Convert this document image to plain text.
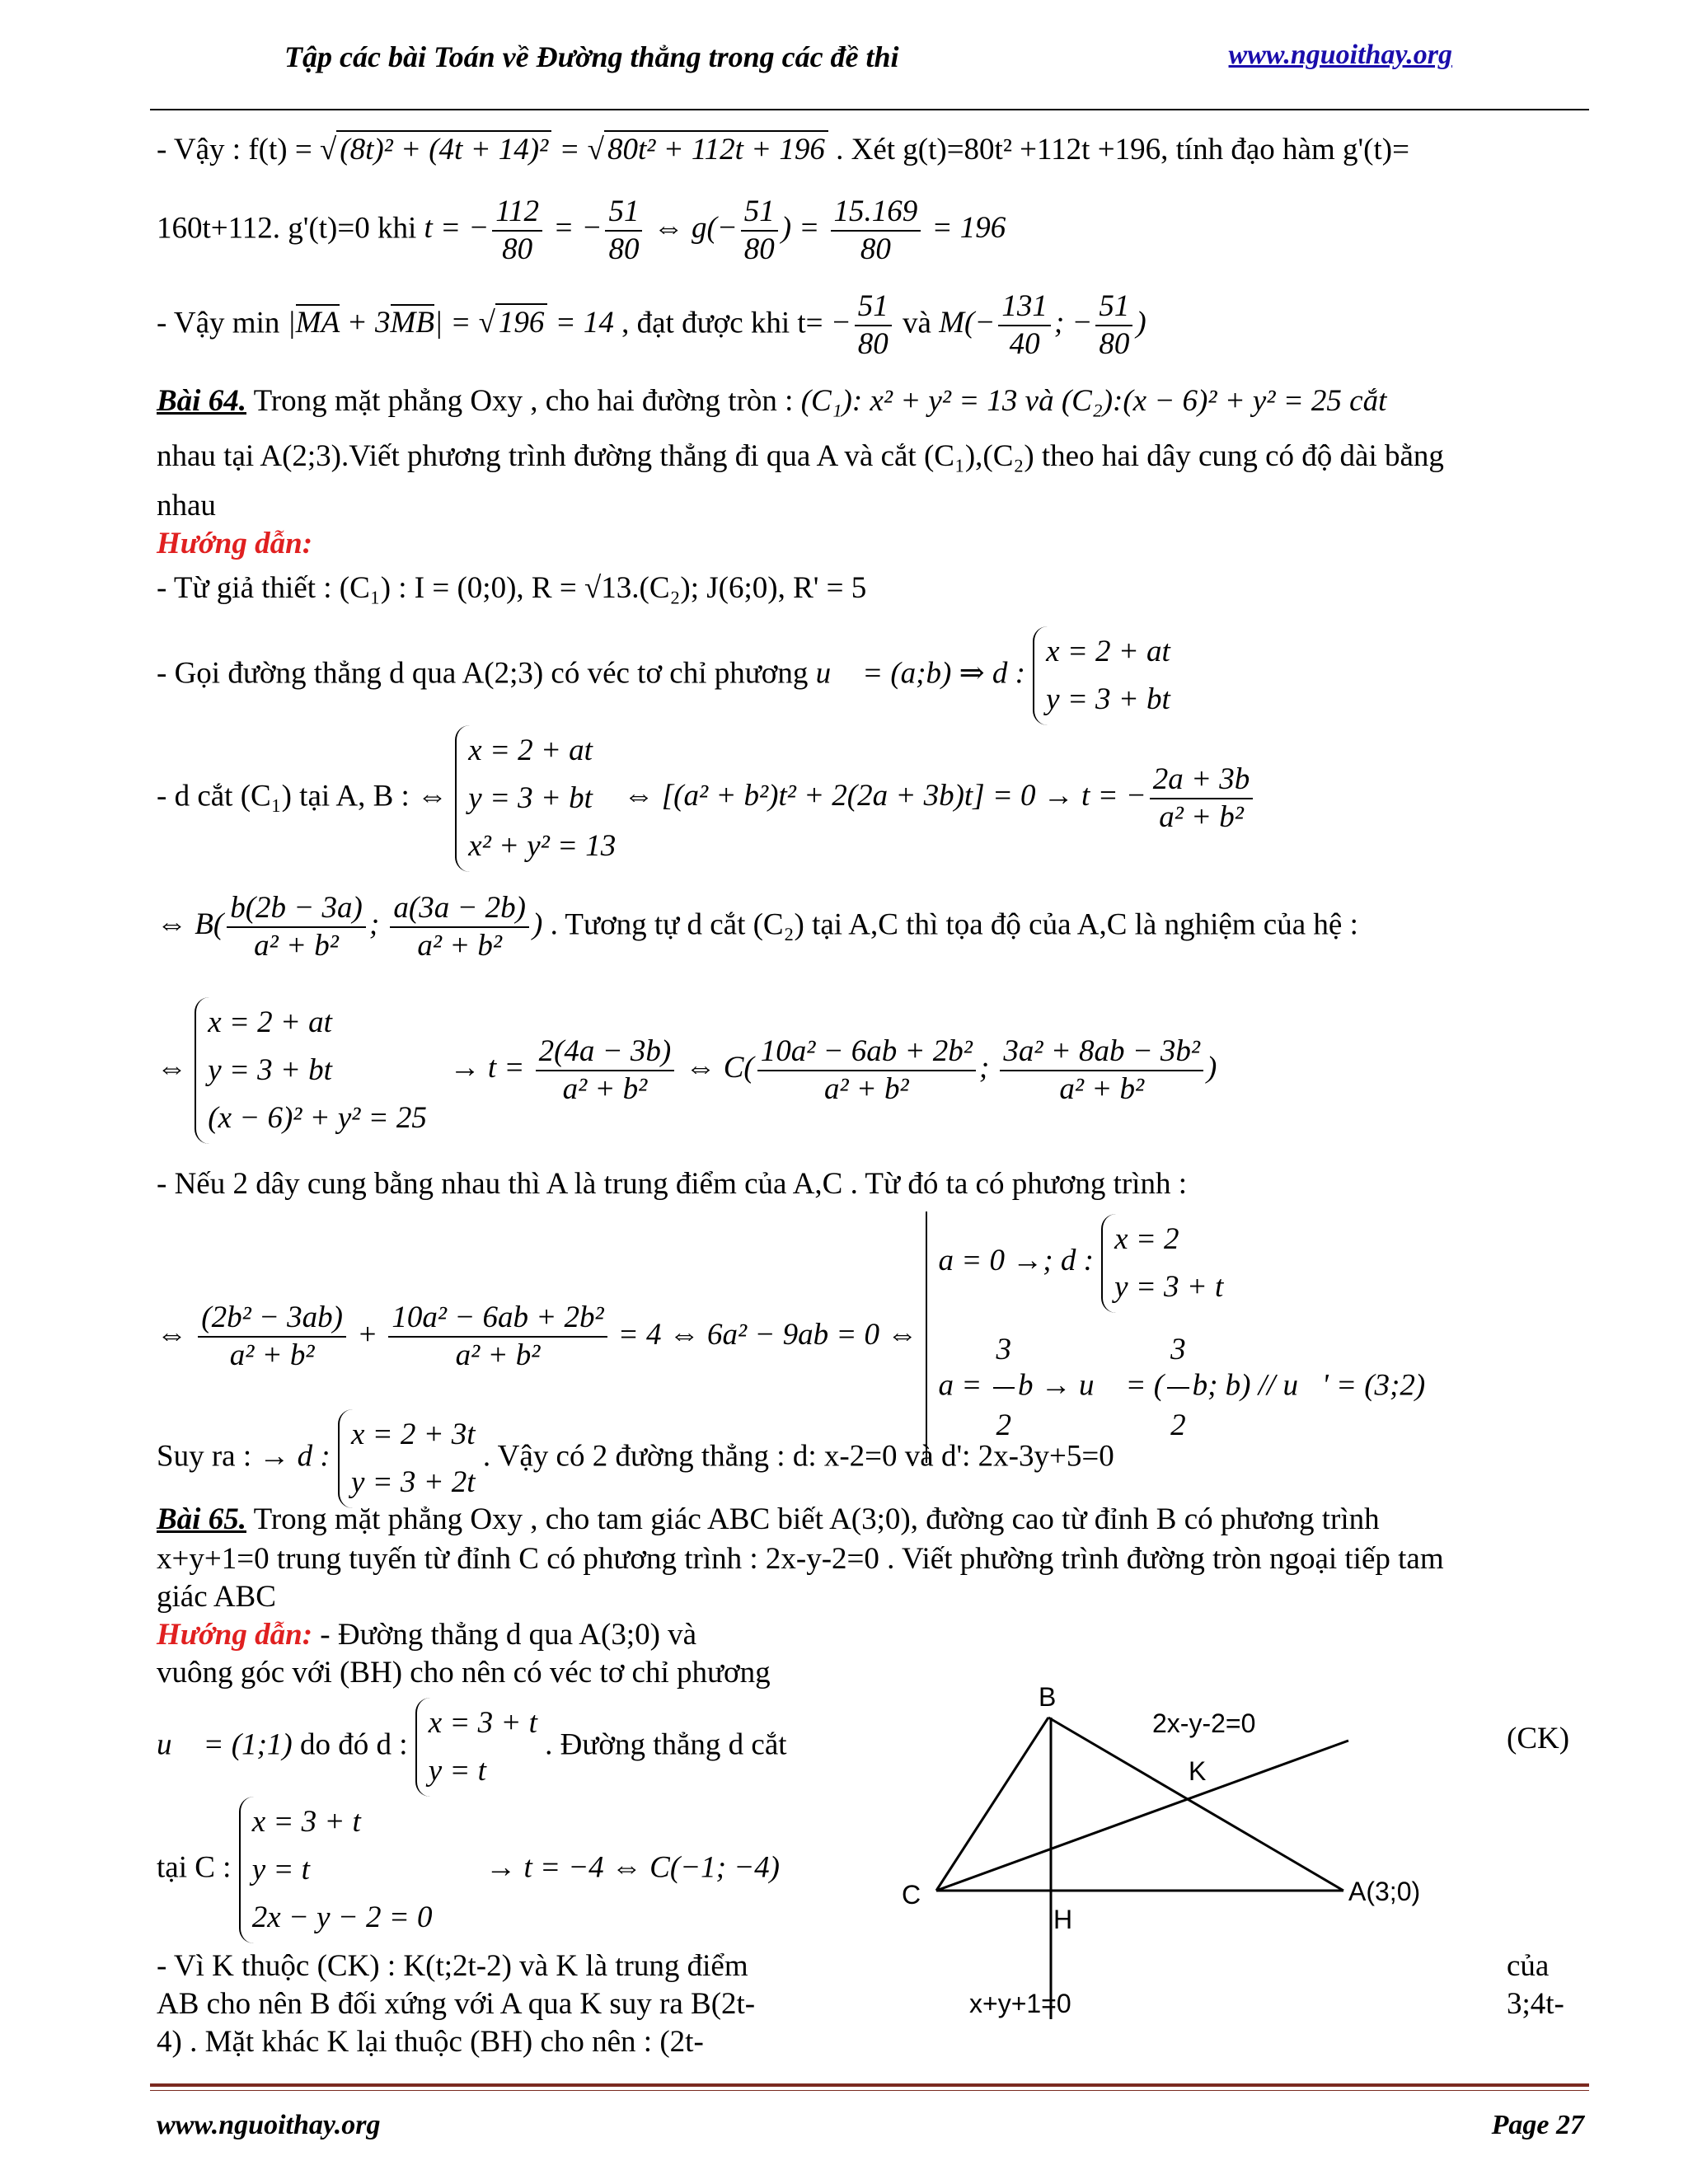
Tập các bài Toán về Đường thẳng trong các đề thi	www.nguoithay.org
- Vậy : f(t) = √ (8t)² + (4t + 14)² = √ 80t² + 112t + 196 . Xét g(t)=80t² +112t +196, tính đạo hàm g'(t)=
160t+112. g'(t)=0 khi t = − $\frac{112}{80}$ = − $\frac{51}{80}$ ⇔ $g(- \frac{51}{80}$ ) = $\frac{15.169}{80} = 196$
- Vậy min |MA + 3MB| = √ 196 = 14 , đạt được khi $t= - \frac{51}{80}$ và $M(- \frac{131}{40}$ ; − $\frac{51}{80}$ )
Bài 64. Trong mặt phẳng Oxy , cho hai đường tròn : (C₁): x² + y² = 13 và (C₂):(x − 6)² + y² = 25 cắt
nhau tại A(2;3).Viết phương trình đường thẳng đi qua A và cắt (C₁),(C₂) theo hai dây cung có độ dài bằng
nhau
Hướng dẫn:
- Từ giả thiết : (C₁) : I = (0;0), R = √13.(C₂); J(6;0), R' = 5
- Gọi đường thẳng d qua A(2;3) có véc tơ chỉ phương u⃗ = (a;b) ⇒ d :
x = 2 + at
y = 3 + bt
- d cắt (C₁) tại A, B : ⇔
x = 2 + at
y = 3 + bt
x² + y² = 13
⇔ [(a² + b²)t² + 2(2a + 3b)t] = 0 → t = − $\frac{2a + 3b}{\text{a² + b²}}$
⇔ $B( \frac{b(2b - 3a)}{\text{a² + b²}}$ ; $\frac{a(3a - 2b)}{\text{a² + b²}}$ ) . Tương tự d cắt (C₂) tại A,C thì tọa độ của A,C là nghiệm của hệ :
⇔
x = 2 + at
y = 3 + bt
(x − 6)² + y² = 25
→ $t = \frac{2(4a - 3b)}{\text{a² + b²}}$ ⇔ $C( \frac{\text{10a² − 6ab + 2b²}}{\text{a² + b²}}$ ; $\frac{\text{3a² + 8ab − 3b²}}{\text{a² + b²}}$ )
- Nếu 2 dây cung bằng nhau thì A là trung điểm của A,C . Từ đó ta có phương trình :
⇔ $\frac{\text{(2b² − 3ab)}}{\text{a² + b²}} + \frac{\text{10a² − 6ab + 2b²}}{\text{a² + b²}} = 4$ ⇔ 6a² − 9ab = 0 ⇔
a = 0 →; d :
x = 2
y = 3 + t
$a = \frac{3}{2}$ b → u⃗ = ( $\frac{3}{2} b$; b) // u⃗' = (3;2)
Suy ra : → d :
x = 2 + 3t
y = 3 + 2t
. Vậy có 2 đường thẳng : d: x-2=0 và d': 2x-3y+5=0
Bài 65. Trong mặt phẳng Oxy , cho tam giác ABC biết A(3;0), đường cao từ đỉnh B có phương trình
x+y+1=0 trung tuyến từ đỉnh C có phương trình : 2x-y-2=0 . Viết phường trình đường tròn ngoại tiếp tam
giác ABC
Hướng dẫn: - Đường thẳng d qua A(3;0) và
vuông góc với (BH) cho nên có véc tơ chỉ phương
u⃗ = (1;1) do đó d :
x = 3 + t
y = t
. Đường thẳng d cắt
tại C :
x = 3 + t
y = t
2x − y − 2 = 0
→ t = −4 ⇔ C(−1; −4)
- Vì K thuộc (CK) : K(t;2t-2) và K là trung điểm
AB cho nên B đối xứng với A qua K suy ra B(2t-
4) . Mặt khác K lại thuộc (BH) cho nên : (2t-
(CK)
của
3;4t-
B
C
K
H
A(3;0)
2x-y-2=0
x+y+1=0
www.nguoithay.org	Page 27
